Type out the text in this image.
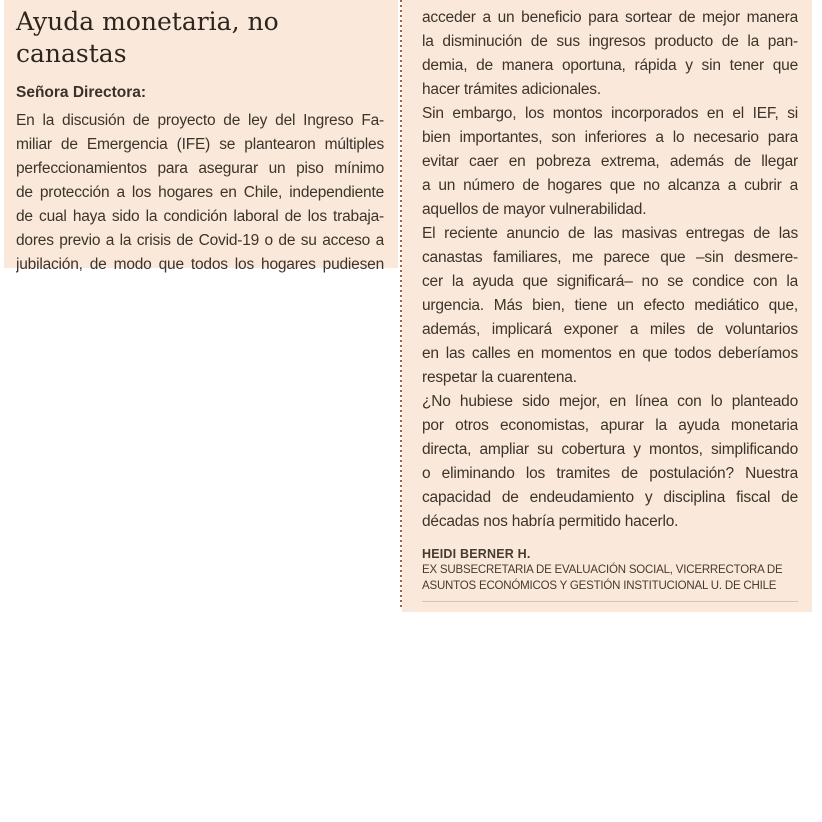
Ayuda monetaria, no canastas

Señora Directora:

En la discusión de proyecto de ley del Ingreso Fa-
miliar de Emergencia (IFE) se plantearon múltiples
perfeccionamientos para asegurar un piso mínimo
de protección a los hogares en Chile, independiente
de cual haya sido la condición laboral de los trabaja-
dores previo a la crisis de Covid-19 o de su acceso a
jubilación, de modo que todos los hogares pudiesen
acceder a un beneficio para sortear de mejor manera
la disminución de sus ingresos producto de la pan-
demia, de manera oportuna, rápida y sin tener que
hacer trámites adicionales.
Sin embargo, los montos incorporados en el IEF, si
bien importantes, son inferiores a lo necesario para
evitar caer en pobreza extrema, además de llegar
a un número de hogares que no alcanza a cubrir a
aquellos de mayor vulnerabilidad.
El reciente anuncio de las masivas entregas de las
canastas familiares, me parece que –sin desmere-
cer la ayuda que significará– no se condice con la
urgencia. Más bien, tiene un efecto mediático que,
además, implicará exponer a miles de voluntarios
en las calles en momentos en que todos deberíamos
respetar la cuarentena.
¿No hubiese sido mejor, en línea con lo planteado
por otros economistas, apurar la ayuda monetaria
directa, ampliar su cobertura y montos, simplificando
o eliminando los tramites de postulación? Nuestra
capacidad de endeudamiento y disciplina fiscal de
décadas nos habría permitido hacerlo.
HEIDI BERNER H.
EX SUBSECRETARIA DE EVALUACIÓN SOCIAL, VICERRECTORA DE
ASUNTOS ECONÓMICOS Y GESTIÓN INSTITUCIONAL U. DE CHILE
